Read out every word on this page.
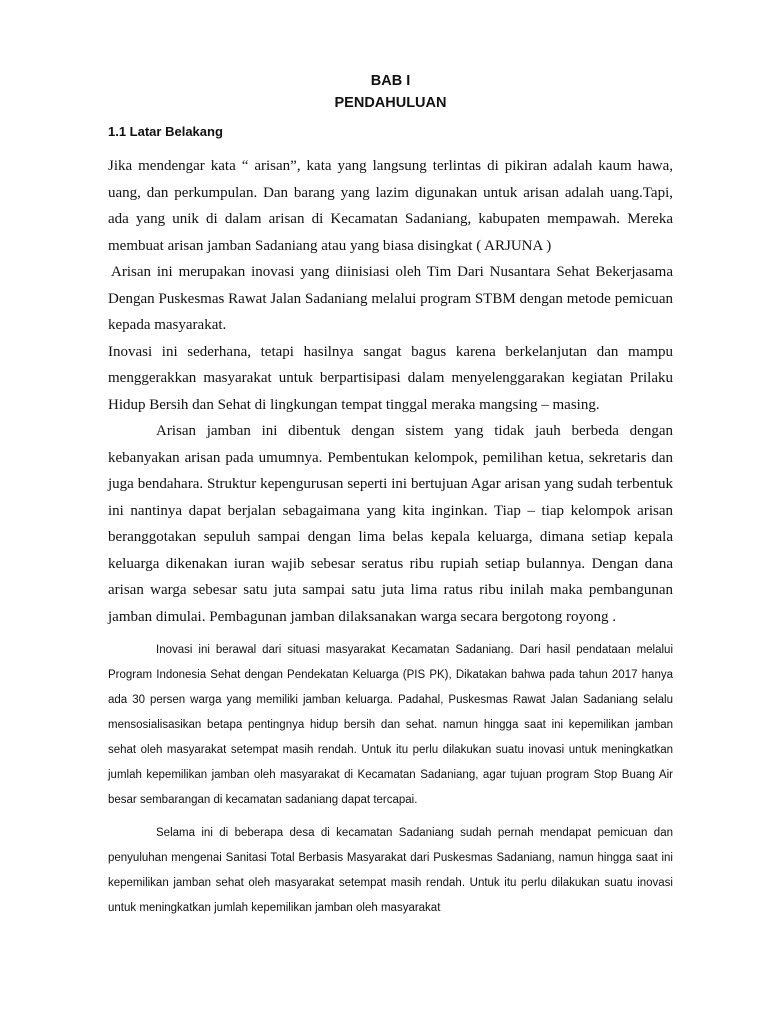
BAB I
PENDAHULUAN
1.1 Latar Belakang

Jika mendengar kata “ arisan”, kata yang langsung terlintas di pikiran adalah kaum hawa, uang, dan perkumpulan. Dan barang yang lazim digunakan untuk arisan adalah uang.Tapi, ada yang unik di dalam arisan di Kecamatan Sadaniang, kabupaten mempawah. Mereka membuat arisan jamban Sadaniang atau yang biasa disingkat ( ARJUNA )

Arisan ini merupakan inovasi yang diinisiasi oleh Tim Dari Nusantara Sehat Bekerjasama Dengan Puskesmas Rawat Jalan Sadaniang melalui program STBM dengan metode pemicuan kepada masyarakat.

Inovasi ini sederhana, tetapi hasilnya sangat bagus karena berkelanjutan dan mampu menggerakkan masyarakat untuk berpartisipasi dalam menyelenggarakan kegiatan Prilaku Hidup Bersih dan Sehat di lingkungan tempat tinggal meraka mangsing – masing.

Arisan jamban ini dibentuk dengan sistem yang tidak jauh berbeda dengan kebanyakan arisan pada umumnya. Pembentukan kelompok, pemilihan ketua, sekretaris dan juga bendahara. Struktur kepengurusan seperti ini bertujuan Agar arisan yang sudah terbentuk ini nantinya dapat berjalan sebagaimana yang kita inginkan. Tiap – tiap kelompok arisan beranggotakan sepuluh sampai dengan lima belas kepala keluarga, dimana setiap kepala keluarga dikenakan iuran wajib sebesar seratus ribu rupiah setiap bulannya. Dengan dana arisan warga sebesar satu juta sampai satu juta lima ratus ribu inilah maka pembangunan jamban dimulai. Pembagunan jamban dilaksanakan warga secara bergotong royong .

Inovasi ini berawal dari situasi masyarakat Kecamatan Sadaniang. Dari hasil pendataan melalui Program Indonesia Sehat dengan Pendekatan Keluarga (PIS PK), Dikatakan bahwa pada tahun 2017 hanya ada 30 persen warga yang memiliki jamban keluarga. Padahal, Puskesmas Rawat Jalan Sadaniang selalu mensosialisasikan betapa pentingnya hidup bersih dan sehat. namun hingga saat ini kepemilikan jamban sehat oleh masyarakat setempat masih rendah. Untuk itu perlu dilakukan suatu inovasi untuk meningkatkan jumlah kepemilikan jamban oleh masyarakat di Kecamatan Sadaniang, agar tujuan program Stop Buang Air besar sembarangan di kecamatan sadaniang dapat tercapai.

Selama ini di beberapa desa di kecamatan Sadaniang sudah pernah mendapat pemicuan dan penyuluhan mengenai Sanitasi Total Berbasis Masyarakat dari Puskesmas Sadaniang, namun hingga saat ini kepemilikan jamban sehat oleh masyarakat setempat masih rendah. Untuk itu perlu dilakukan suatu inovasi untuk meningkatkan jumlah kepemilikan jamban oleh masyarakat
